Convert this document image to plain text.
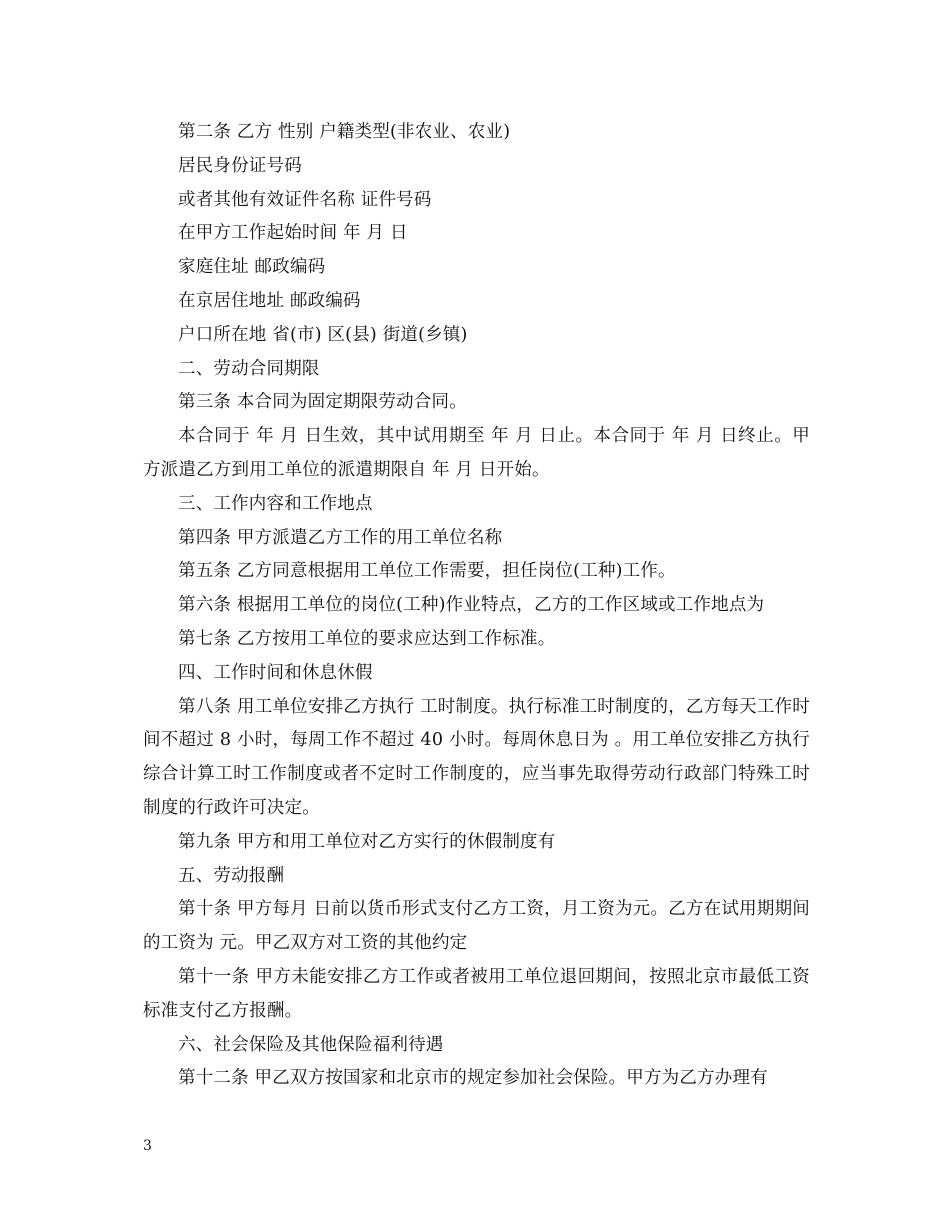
第二条 乙方 性别 户籍类型(非农业、农业)

居民身份证号码

或者其他有效证件名称 证件号码

在甲方工作起始时间 年 月 日

家庭住址 邮政编码

在京居住地址 邮政编码

户口所在地 省(市) 区(县) 街道(乡镇)

二、劳动合同期限

第三条 本合同为固定期限劳动合同。

本合同于 年 月 日生效，其中试用期至 年 月 日止。本合同于 年 月 日终止。甲方派遣乙方到用工单位的派遣期限自 年 月 日开始。

三、工作内容和工作地点

第四条 甲方派遣乙方工作的用工单位名称

第五条 乙方同意根据用工单位工作需要，担任岗位(工种)工作。

第六条 根据用工单位的岗位(工种)作业特点，乙方的工作区域或工作地点为

第七条 乙方按用工单位的要求应达到工作标准。

四、工作时间和休息休假

第八条 用工单位安排乙方执行 工时制度。执行标准工时制度的，乙方每天工作时间不超过 8 小时，每周工作不超过 40 小时。每周休息日为 。用工单位安排乙方执行综合计算工时工作制度或者不定时工作制度的，应当事先取得劳动行政部门特殊工时制度的行政许可决定。

第九条 甲方和用工单位对乙方实行的休假制度有

五、劳动报酬

第十条 甲方每月 日前以货币形式支付乙方工资，月工资为元。乙方在试用期期间的工资为 元。甲乙双方对工资的其他约定

第十一条 甲方未能安排乙方工作或者被用工单位退回期间，按照北京市最低工资标准支付乙方报酬。

六、社会保险及其他保险福利待遇

第十二条 甲乙双方按国家和北京市的规定参加社会保险。甲方为乙方办理有

3
